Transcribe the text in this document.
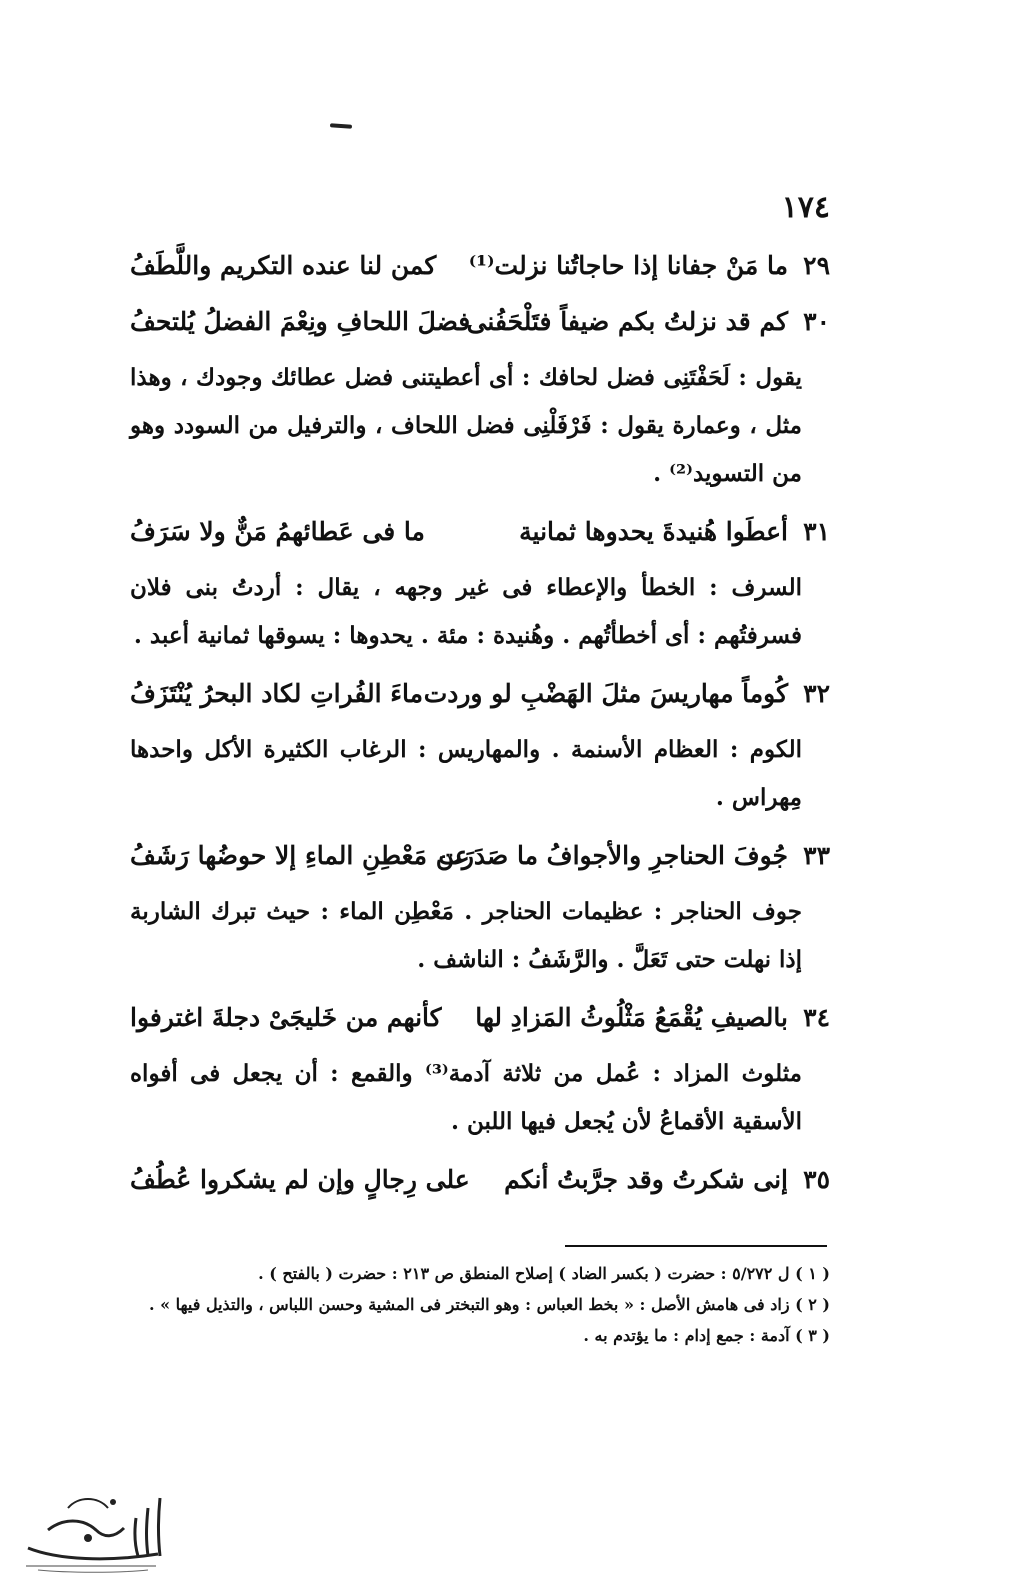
١٧٤
٢٩
ما مَنْ جفانا إذا حاجاتُنا نزلت⁽¹⁾
كمن لنا عنده التكريم واللَّطَفُ
٣٠
كم قد نزلتُ بكم ضيفاً فتَلْحَفُنى
فضلَ اللحافِ ونِعْمَ الفضلُ يُلتحفُ
يقول : لَحَفْتَنِى فضل لحافك : أى أعطيتنى فضل عطائك وجودك ، وهذا مثل ، وعمارة يقول : فَرْفَلْنِى فضل اللحاف ، والترفيل من السودد وهو من التسويد⁽²⁾ .
٣١
أعطَوا هُنيدةَ يحدوها ثمانية
ما فى عَطائهمُ مَنٌّ ولا سَرَفُ
السرف : الخطأ والإعطاء فى غير وجهه ، يقال : أردتُ بنى فلان فسرفتُهم : أى أخطأتُهم . وهُنيدة : مئة . يحدوها : يسوقها ثمانية أعبد .
٣٢
كُوماً مهاريسَ مثلَ الهَضْبِ لو وردت
ماءَ الفُراتِ لكاد البحرُ يُنْتَزَفُ
الكوم : العظام الأسنمة . والمهاريس : الرغاب الكثيرة الأكل واحدها مِهراس .
٣٣
جُوفَ الحناجرِ والأجوافُ ما صَدَرَت
عن مَعْطِنِ الماءِ إلا حوضُها رَشَفُ
جوف الحناجر : عظيمات الحناجر . مَعْطِن الماء : حيث تبرك الشاربة إذا نهلت حتى تَعَلَّ . والرَّشَفُ : الناشف .
٣٤
بالصيفِ يُقْمَعُ مَثْلُوثُ المَزادِ لها
كأنهم من خَليجَىْ دجلةَ اغترفوا
مثلوث المزاد : عُمل من ثلاثة آدمة⁽³⁾ والقمع : أن يجعل فى أفواه الأسقية الأقماعُ لأن يُجعل فيها اللبن .
٣٥
إنى شكرتُ وقد جرَّبتُ أنكم
على رِجالٍ وإن لم يشكروا عُطُفُ
( ١ ) ل ٥/٢٧٢ : حضرت ( بكسر الضاد ) إصلاح المنطق ص ٢١٣ : حضرت ( بالفتح ) .
( ٢ ) زاد فى هامش الأصل : « بخط العباس : وهو التبختر فى المشية وحسن اللباس ، والتذيل فيها » .
( ٣ ) آدمة : جمع إدام : ما يؤتدم به .
